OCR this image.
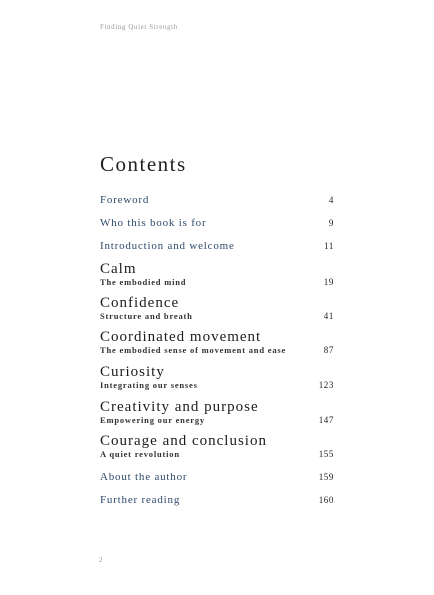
Finding Quiet Strength
Contents
Foreword	4
Who this book is for	9
Introduction and welcome	11
Calm
The embodied mind	19
Confidence
Structure and breath	41
Coordinated movement
The embodied sense of movement and ease	87
Curiosity
Integrating our senses	123
Creativity and purpose
Empowering our energy	147
Courage and conclusion
A quiet revolution	155
About the author	159
Further reading	160
2
